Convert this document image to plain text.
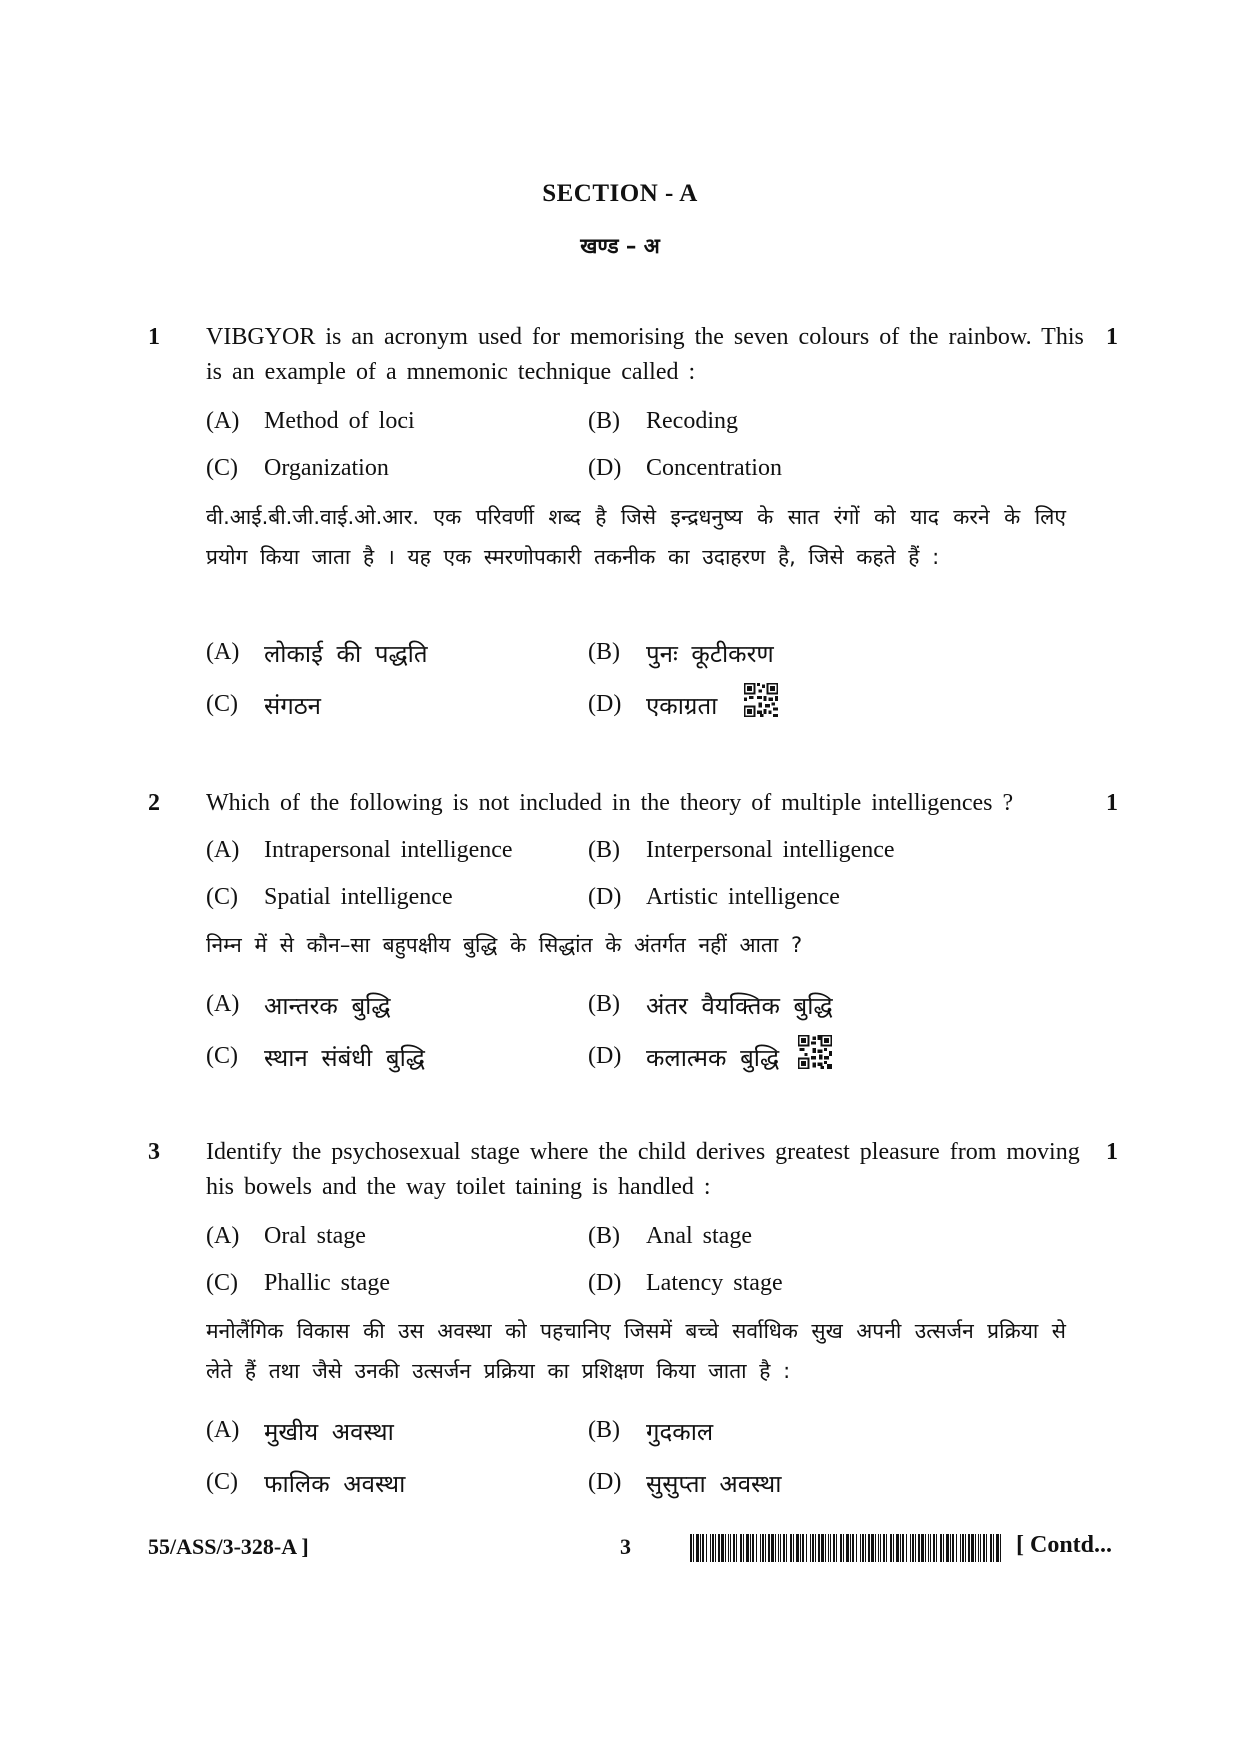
SECTION - A
खण्ड – अ
1	1
VIBGYOR is an acronym used for memorising the seven colours of the rainbow. This is an example of a mnemonic technique called :
(A) Method of loci	(B) Recoding
(C) Organization	(D) Concentration
वी.आई.बी.जी.वाई.ओ.आर. एक परिवर्णी शब्द है जिसे इन्द्रधनुष्य के सात रंगों को याद करने के लिए प्रयोग किया जाता है । यह एक स्मरणोपकारी तकनीक का उदाहरण है, जिसे कहते हैं :
(A) लोकाई की पद्धति	(B) पुनः कूटीकरण
(C) संगठन	(D) एकाग्रता
2	1
Which of the following is not included in the theory of multiple intelligences ?
(A) Intrapersonal intelligence	(B) Interpersonal intelligence
(C) Spatial intelligence	(D) Artistic intelligence
निम्न में से कौन–सा बहुपक्षीय बुद्धि के सिद्धांत के अंतर्गत नहीं आता ?
(A) आन्तरक बुद्धि	(B) अंतर वैयक्तिक बुद्धि
(C) स्थान संबंधी बुद्धि	(D) कलात्मक बुद्धि
3	1
Identify the psychosexual stage where the child derives greatest pleasure from moving his bowels and the way toilet taining is handled :
(A) Oral stage	(B) Anal stage
(C) Phallic stage	(D) Latency stage
मनोलैंगिक विकास की उस अवस्था को पहचानिए जिसमें बच्चे सर्वाधिक सुख अपनी उत्सर्जन प्रक्रिया से लेते हैं तथा जैसे उनकी उत्सर्जन प्रक्रिया का प्रशिक्षण किया जाता है :
(A) मुखीय अवस्था	(B) गुदकाल
(C) फालिक अवस्था	(D) सुसुप्ता अवस्था
55/ASS/3-328-A ]	3	[ Contd...
